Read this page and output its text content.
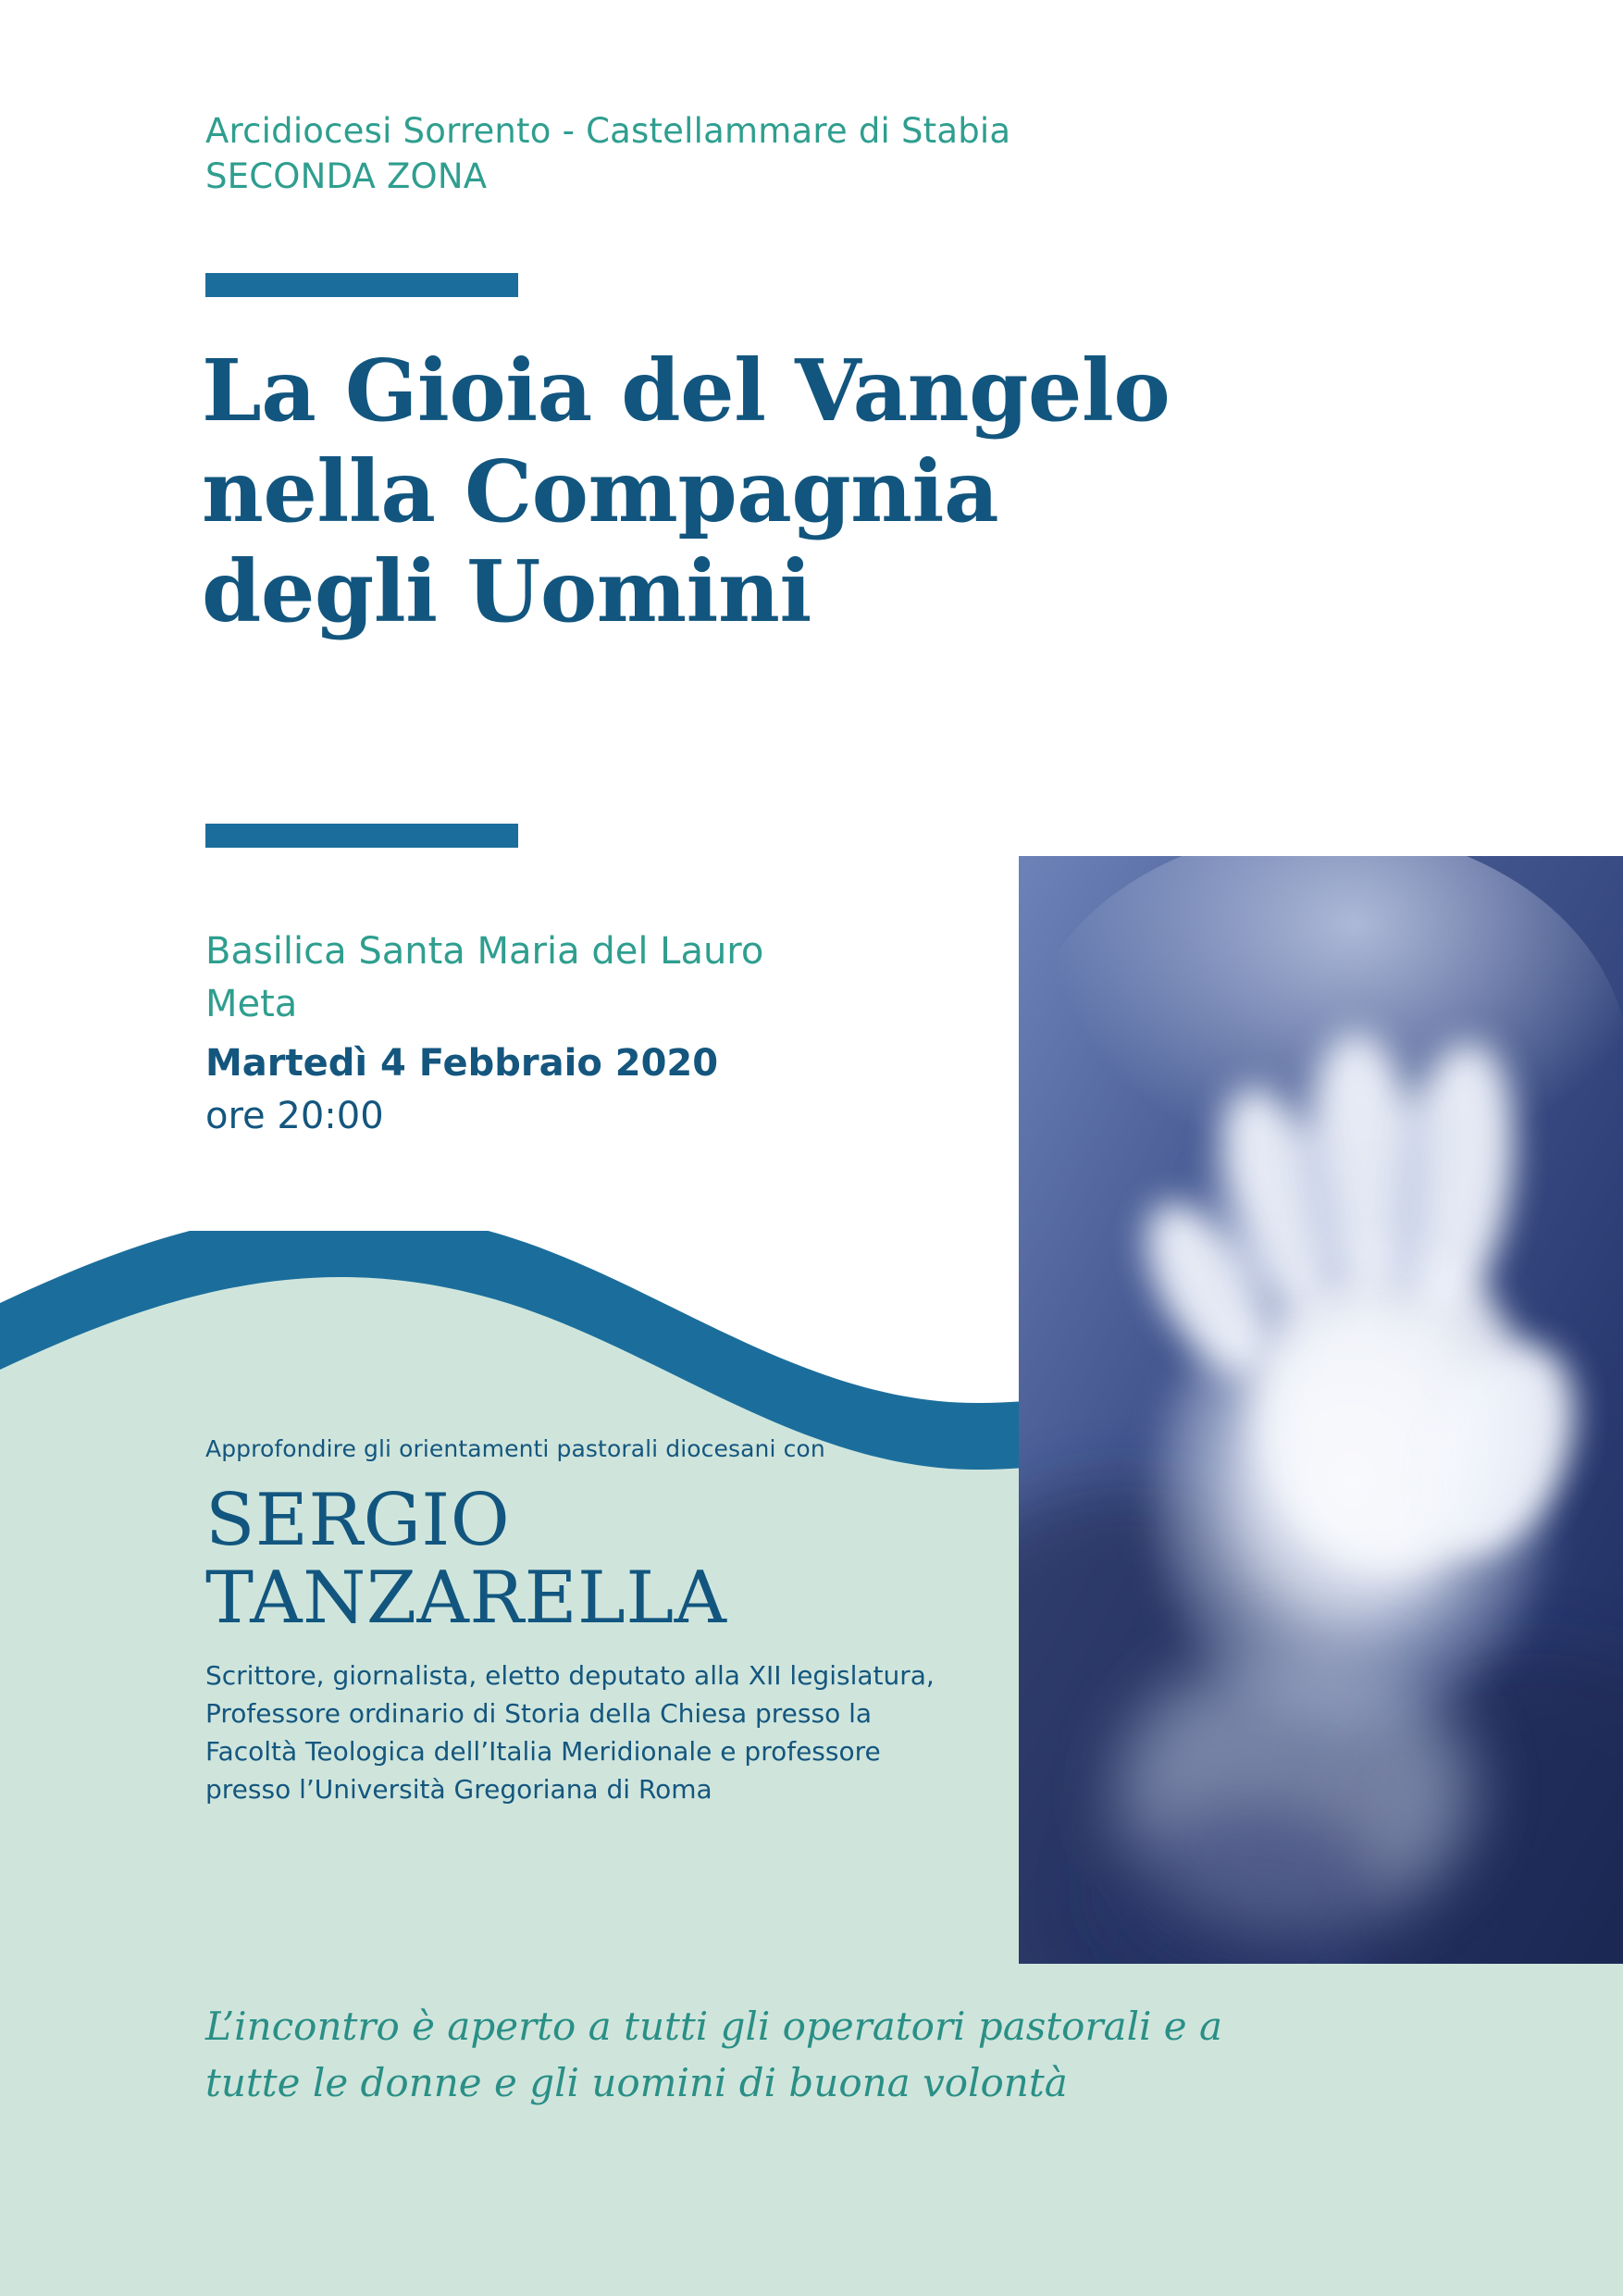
Arcidiocesi Sorrento - Castellammare di Stabia
SECONDA ZONA
La Gioia del Vangelo
nella Compagnia
degli Uomini
Basilica Santa Maria del Lauro
Meta
Martedì 4 Febbraio 2020
ore 20:00
Approfondire gli orientamenti pastorali diocesani con
SERGIO
TANZARELLA
Scrittore, giornalista, eletto deputato alla XII legislatura, Professore ordinario di Storia della Chiesa presso la Facoltà Teologica dell’Italia Meridionale e professore presso l’Università Gregoriana di Roma
L’incontro è aperto a tutti gli operatori pastorali e a
tutte le donne e gli uomini di buona volontà
